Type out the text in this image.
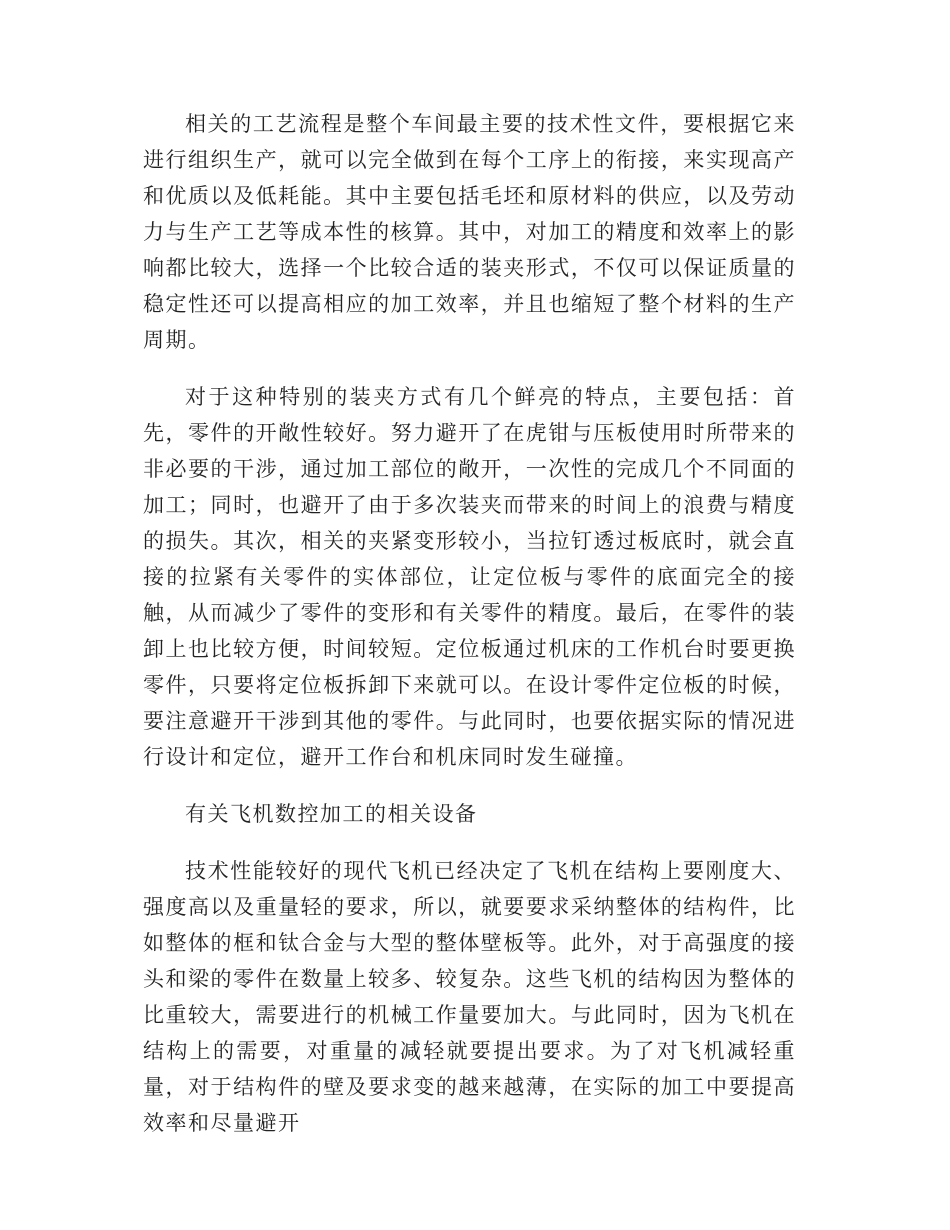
相关的工艺流程是整个车间最主要的技术性文件，要根据它来进行组织生产，就可以完全做到在每个工序上的衔接，来实现高产和优质以及低耗能。其中主要包括毛坯和原材料的供应，以及劳动力与生产工艺等成本性的核算。其中，对加工的精度和效率上的影响都比较大，选择一个比较合适的装夹形式，不仅可以保证质量的稳定性还可以提高相应的加工效率，并且也缩短了整个材料的生产周期。

对于这种特别的装夹方式有几个鲜亮的特点，主要包括：首先，零件的开敞性较好。努力避开了在虎钳与压板使用时所带来的非必要的干涉，通过加工部位的敞开，一次性的完成几个不同面的加工；同时，也避开了由于多次装夹而带来的时间上的浪费与精度的损失。其次，相关的夹紧变形较小，当拉钉透过板底时，就会直接的拉紧有关零件的实体部位，让定位板与零件的底面完全的接触，从而减少了零件的变形和有关零件的精度。最后，在零件的装卸上也比较方便，时间较短。定位板通过机床的工作机台时要更换零件，只要将定位板拆卸下来就可以。在设计零件定位板的时候，要注意避开干涉到其他的零件。与此同时，也要依据实际的情况进行设计和定位，避开工作台和机床同时发生碰撞。

有关飞机数控加工的相关设备

技术性能较好的现代飞机已经决定了飞机在结构上要刚度大、强度高以及重量轻的要求，所以，就要要求采纳整体的结构件，比如整体的框和钛合金与大型的整体壁板等。此外，对于高强度的接头和梁的零件在数量上较多、较复杂。这些飞机的结构因为整体的比重较大，需要进行的机械工作量要加大。与此同时，因为飞机在结构上的需要，对重量的减轻就要提出要求。为了对飞机减轻重量，对于结构件的壁及要求变的越来越薄，在实际的加工中要提高效率和尽量避开
